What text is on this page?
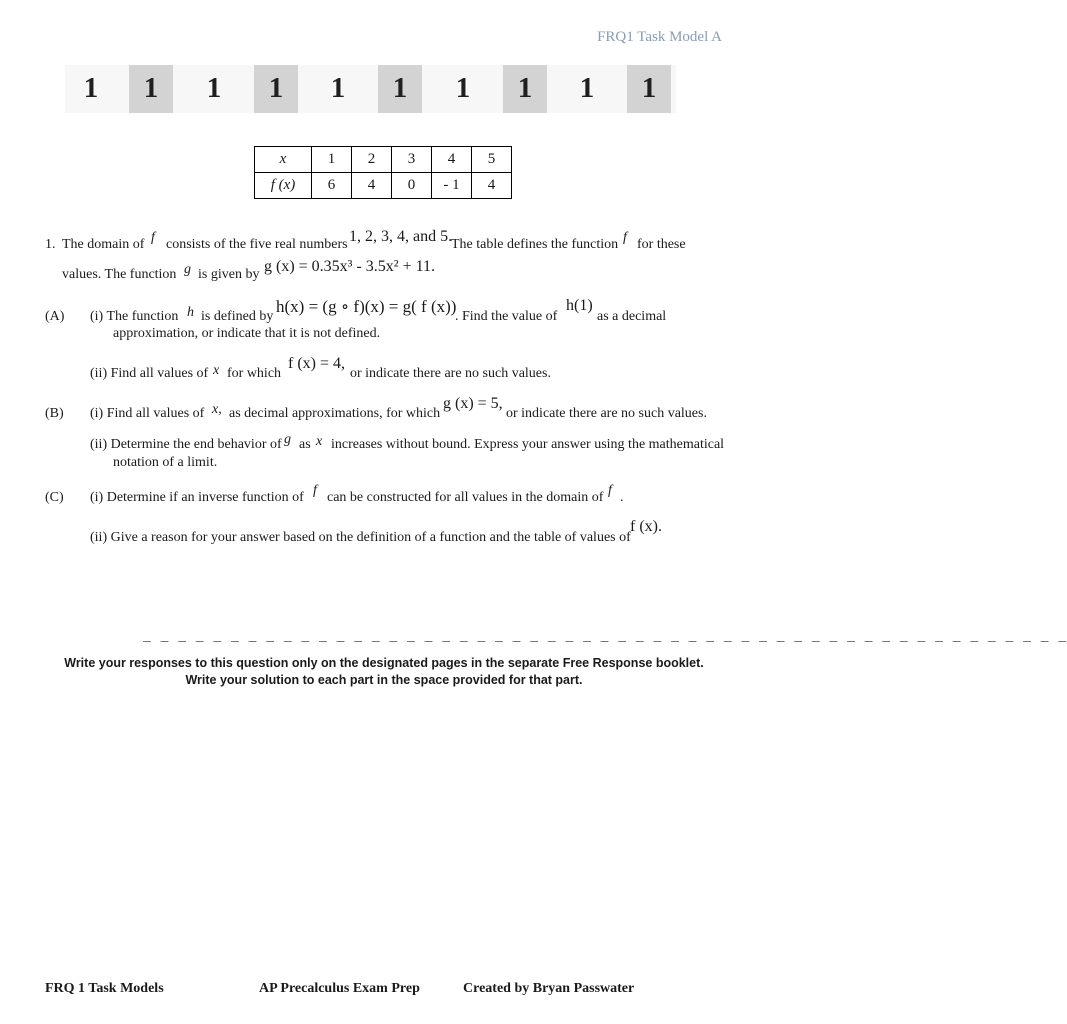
FRQ1 Task Model A
1	1	1	1	1	1	1	1	1	1
x	1	2	3	4	5
f (x)	6	4	0	- 1	4
1. The domain of f consists of the five real numbers 1, 2, 3, 4, and 5.
The table defines the function f for these
values. The function g is given by g (x) = 0.35x³ - 3.5x² + 11.
(A) (i) The function h is defined by
h(x) = (g ∘ f)(x) = g( f (x))
. Find the value of
h(1)
as a decimal
approximation, or indicate that it is not defined.
(ii) Find all values of x for which
f (x) = 4,
or indicate there are no such values.
(B) (i) Find all values of x, as decimal approximations, for which
g (x) = 5,
or indicate there are no such values.
(ii) Determine the end behavior of g as x increases without bound. Express your answer using the mathematical
notation of a limit.
(C) (i) Determine if an inverse function of f can be constructed for all values in the domain of f .
(ii) Give a reason for your answer based on the definition of a function and the table of values of
f (x).
_ _ _ _ _ _ _ _ _ _ _ _ _ _ _ _ _ _ _ _ _ _ _ _ _ _ _ _ _ _ _ _ _ _ _ _ _ _ _ _ _ _ _ _ _ _ _ _ _ _ _ _ _
Write your responses to this question only on the designated pages in the separate Free Response booklet.
Write your solution to each part in the space provided for that part.
FRQ 1 Task Models	AP Precalculus Exam Prep	Created by Bryan Passwater
